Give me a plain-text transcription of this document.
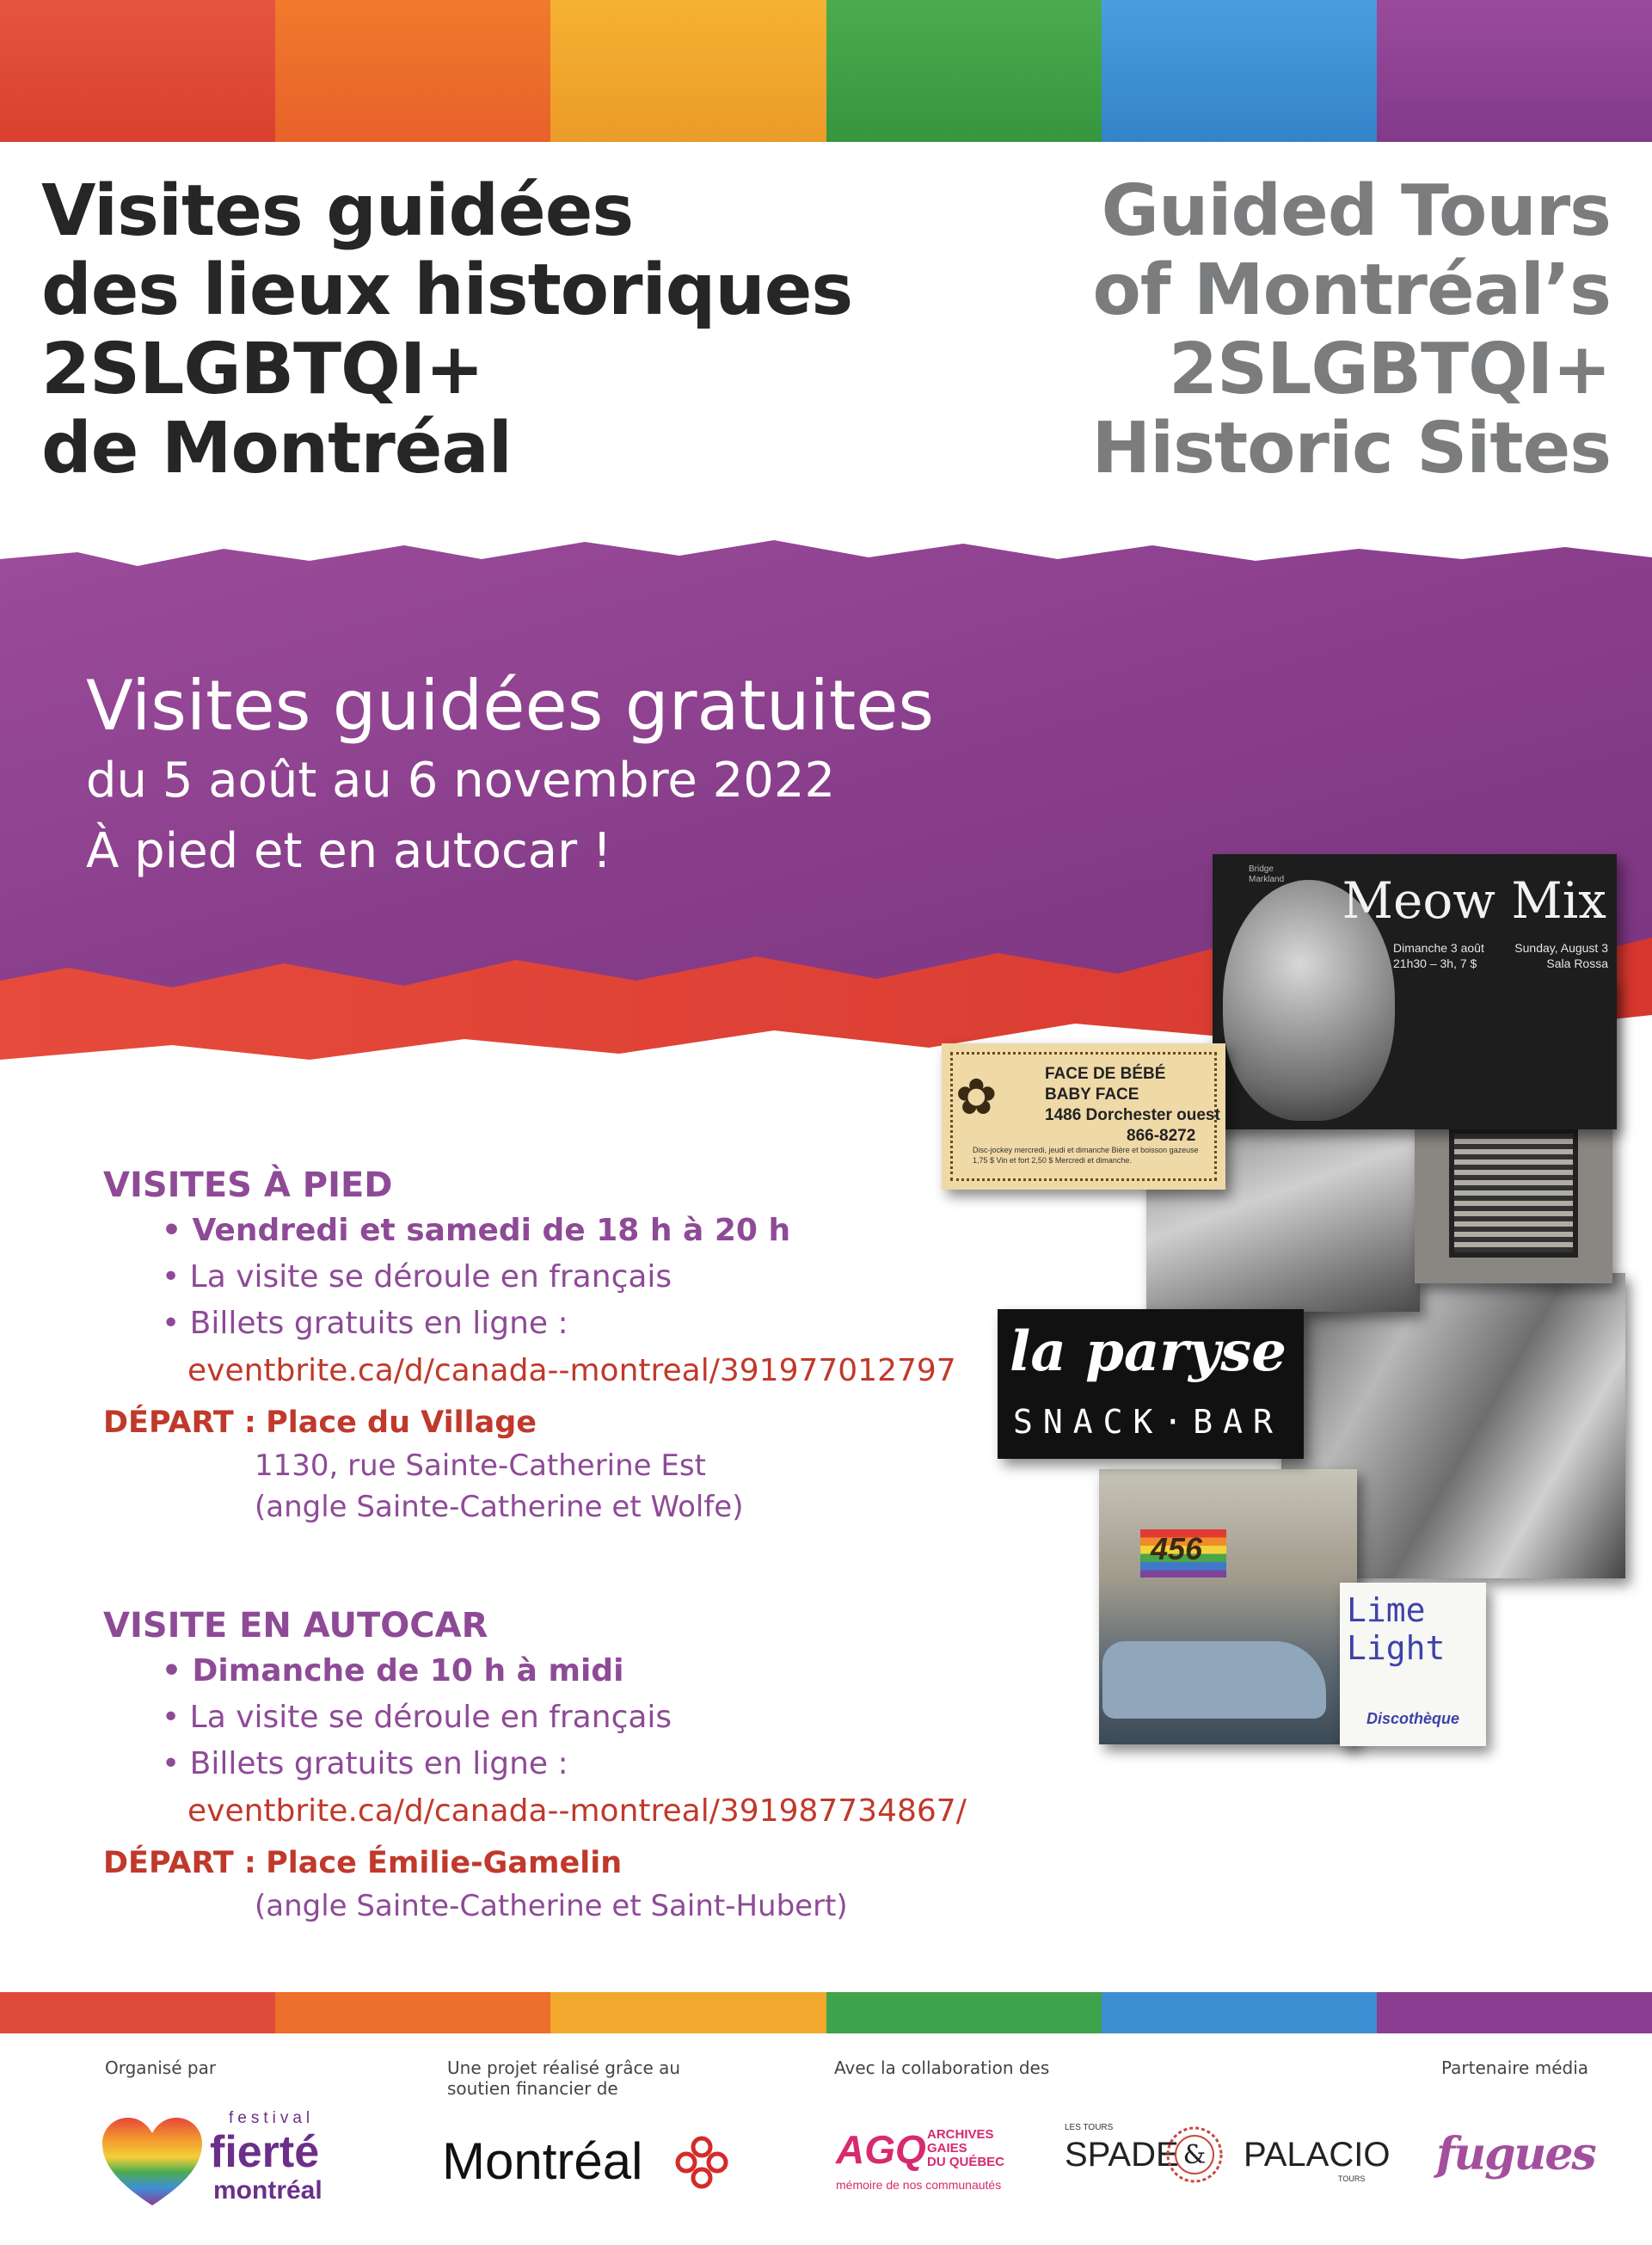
Visites guidées
des lieux historiques
2SLGBTQI+
de Montréal
Guided Tours
of Montréal’s
2SLGBTQI+
Historic Sites
Visites guidées gratuites
du 5 août au 6 novembre 2022
À pied et en autocar !
VISITES À PIED
• Vendredi et samedi de 18 h à 20 h
• La visite se déroule en français
• Billets gratuits en ligne :
eventbrite.ca/d/canada--montreal/391977012797
DÉPART : Place du Village
1130, rue Sainte-Catherine Est
(angle Sainte-Catherine et Wolfe)
VISITE EN AUTOCAR
• Dimanche de 10 h à midi
• La visite se déroule en français
• Billets gratuits en ligne :
eventbrite.ca/d/canada--montreal/391987734867/
DÉPART : Place Émilie-Gamelin
(angle Sainte-Catherine et Saint-Hubert)
Bridge
Markland Meow Mix
Dimanche 3 août
21h30 – 3h, 7 $
Sunday, August 3
Sala Rossa
✿	FACE DE BÉBÉ
BABY FACE
1486 Dorchester ouest
866-8272
Disc-jockey mercredi, jeudi et dimanche Bière et boisson gazeuse 1,75 $ Vin et fort 2,50 $ Mercredi et dimanche.
456
la paryse
SNACK·BAR
Lime
Light
Discothèque
Organisé par	Une projet réalisé grâce au soutien financier de
Avec la collaboration des	Partenaire média
festival
fierté
montréal
Montréal	AGQ ARCHIVES
GAIES
DU QUÉBEC
mémoire de nos communautés
LES TOURS
SPADE & PALACIO
TOURS fugues
